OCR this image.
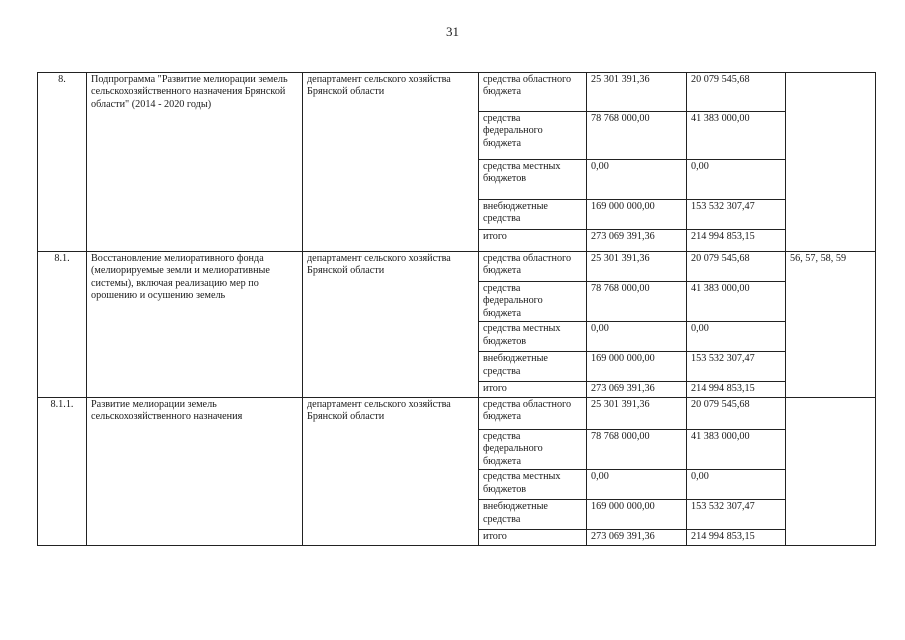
31
8.	Подпрограмма "Развитие мелиорации земель сельскохозяйственного назначения Брянской области" (2014 - 2020 годы)	департамент сельского хозяйства Брянской области	средства областного бюджета	25 301 391,36	20 079 545,68	
			средства федерального бюджета	78 768 000,00	41 383 000,00	
			средства местных бюджетов	0,00	0,00	
			внебюджетные средства	169 000 000,00	153 532 307,47	
			итого	273 069 391,36	214 994 853,15	
8.1.	Восстановление мелиоративного фонда (мелиорируемые земли и мелиоративные системы), включая реализацию мер по орошению и осушению земель	департамент сельского хозяйства Брянской области	средства областного бюджета	25 301 391,36	20 079 545,68	56, 57, 58, 59
			средства федерального бюджета	78 768 000,00	41 383 000,00	
			средства местных бюджетов	0,00	0,00	
			внебюджетные средства	169 000 000,00	153 532 307,47	
			итого	273 069 391,36	214 994 853,15	
8.1.1.	Развитие мелиорации земель сельскохозяйственного назначения	департамент сельского хозяйства Брянской области	средства областного бюджета	25 301 391,36	20 079 545,68	
			средства федерального бюджета	78 768 000,00	41 383 000,00	
			средства местных бюджетов	0,00	0,00	
			внебюджетные средства	169 000 000,00	153 532 307,47	
			итого	273 069 391,36	214 994 853,15	
